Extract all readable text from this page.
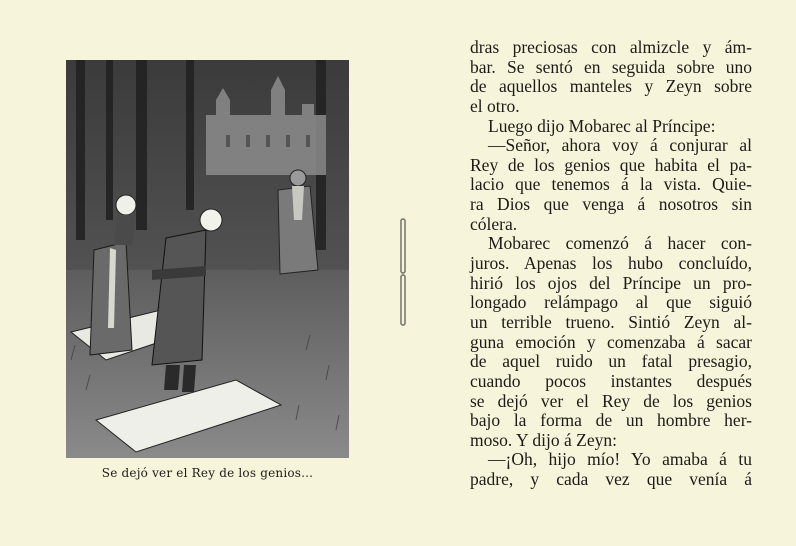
Se dejó ver el Rey de los genios...
dras preciosas con almizcle y ám-
bar. Se sentó en seguida sobre uno
de aquellos manteles y Zeyn sobre
el otro.
Luego dijo Mobarec al Príncipe:
—Señor, ahora voy á conjurar al
Rey de los genios que habita el pa-
lacio que tenemos á la vista. Quie-
ra Dios que venga á nosotros sin
cólera.
Mobarec comenzó á hacer con-
juros. Apenas los hubo concluído,
hirió los ojos del Príncipe un pro-
longado relámpago al que siguió
un terrible trueno. Sintió Zeyn al-
guna emoción y comenzaba á sacar
de aquel ruido un fatal presagio,
cuando pocos instantes después
se dejó ver el Rey de los genios
bajo la forma de un hombre her-
moso. Y dijo á Zeyn:
—¡Oh, hijo mío! Yo amaba á tu
padre, y cada vez que venía á
